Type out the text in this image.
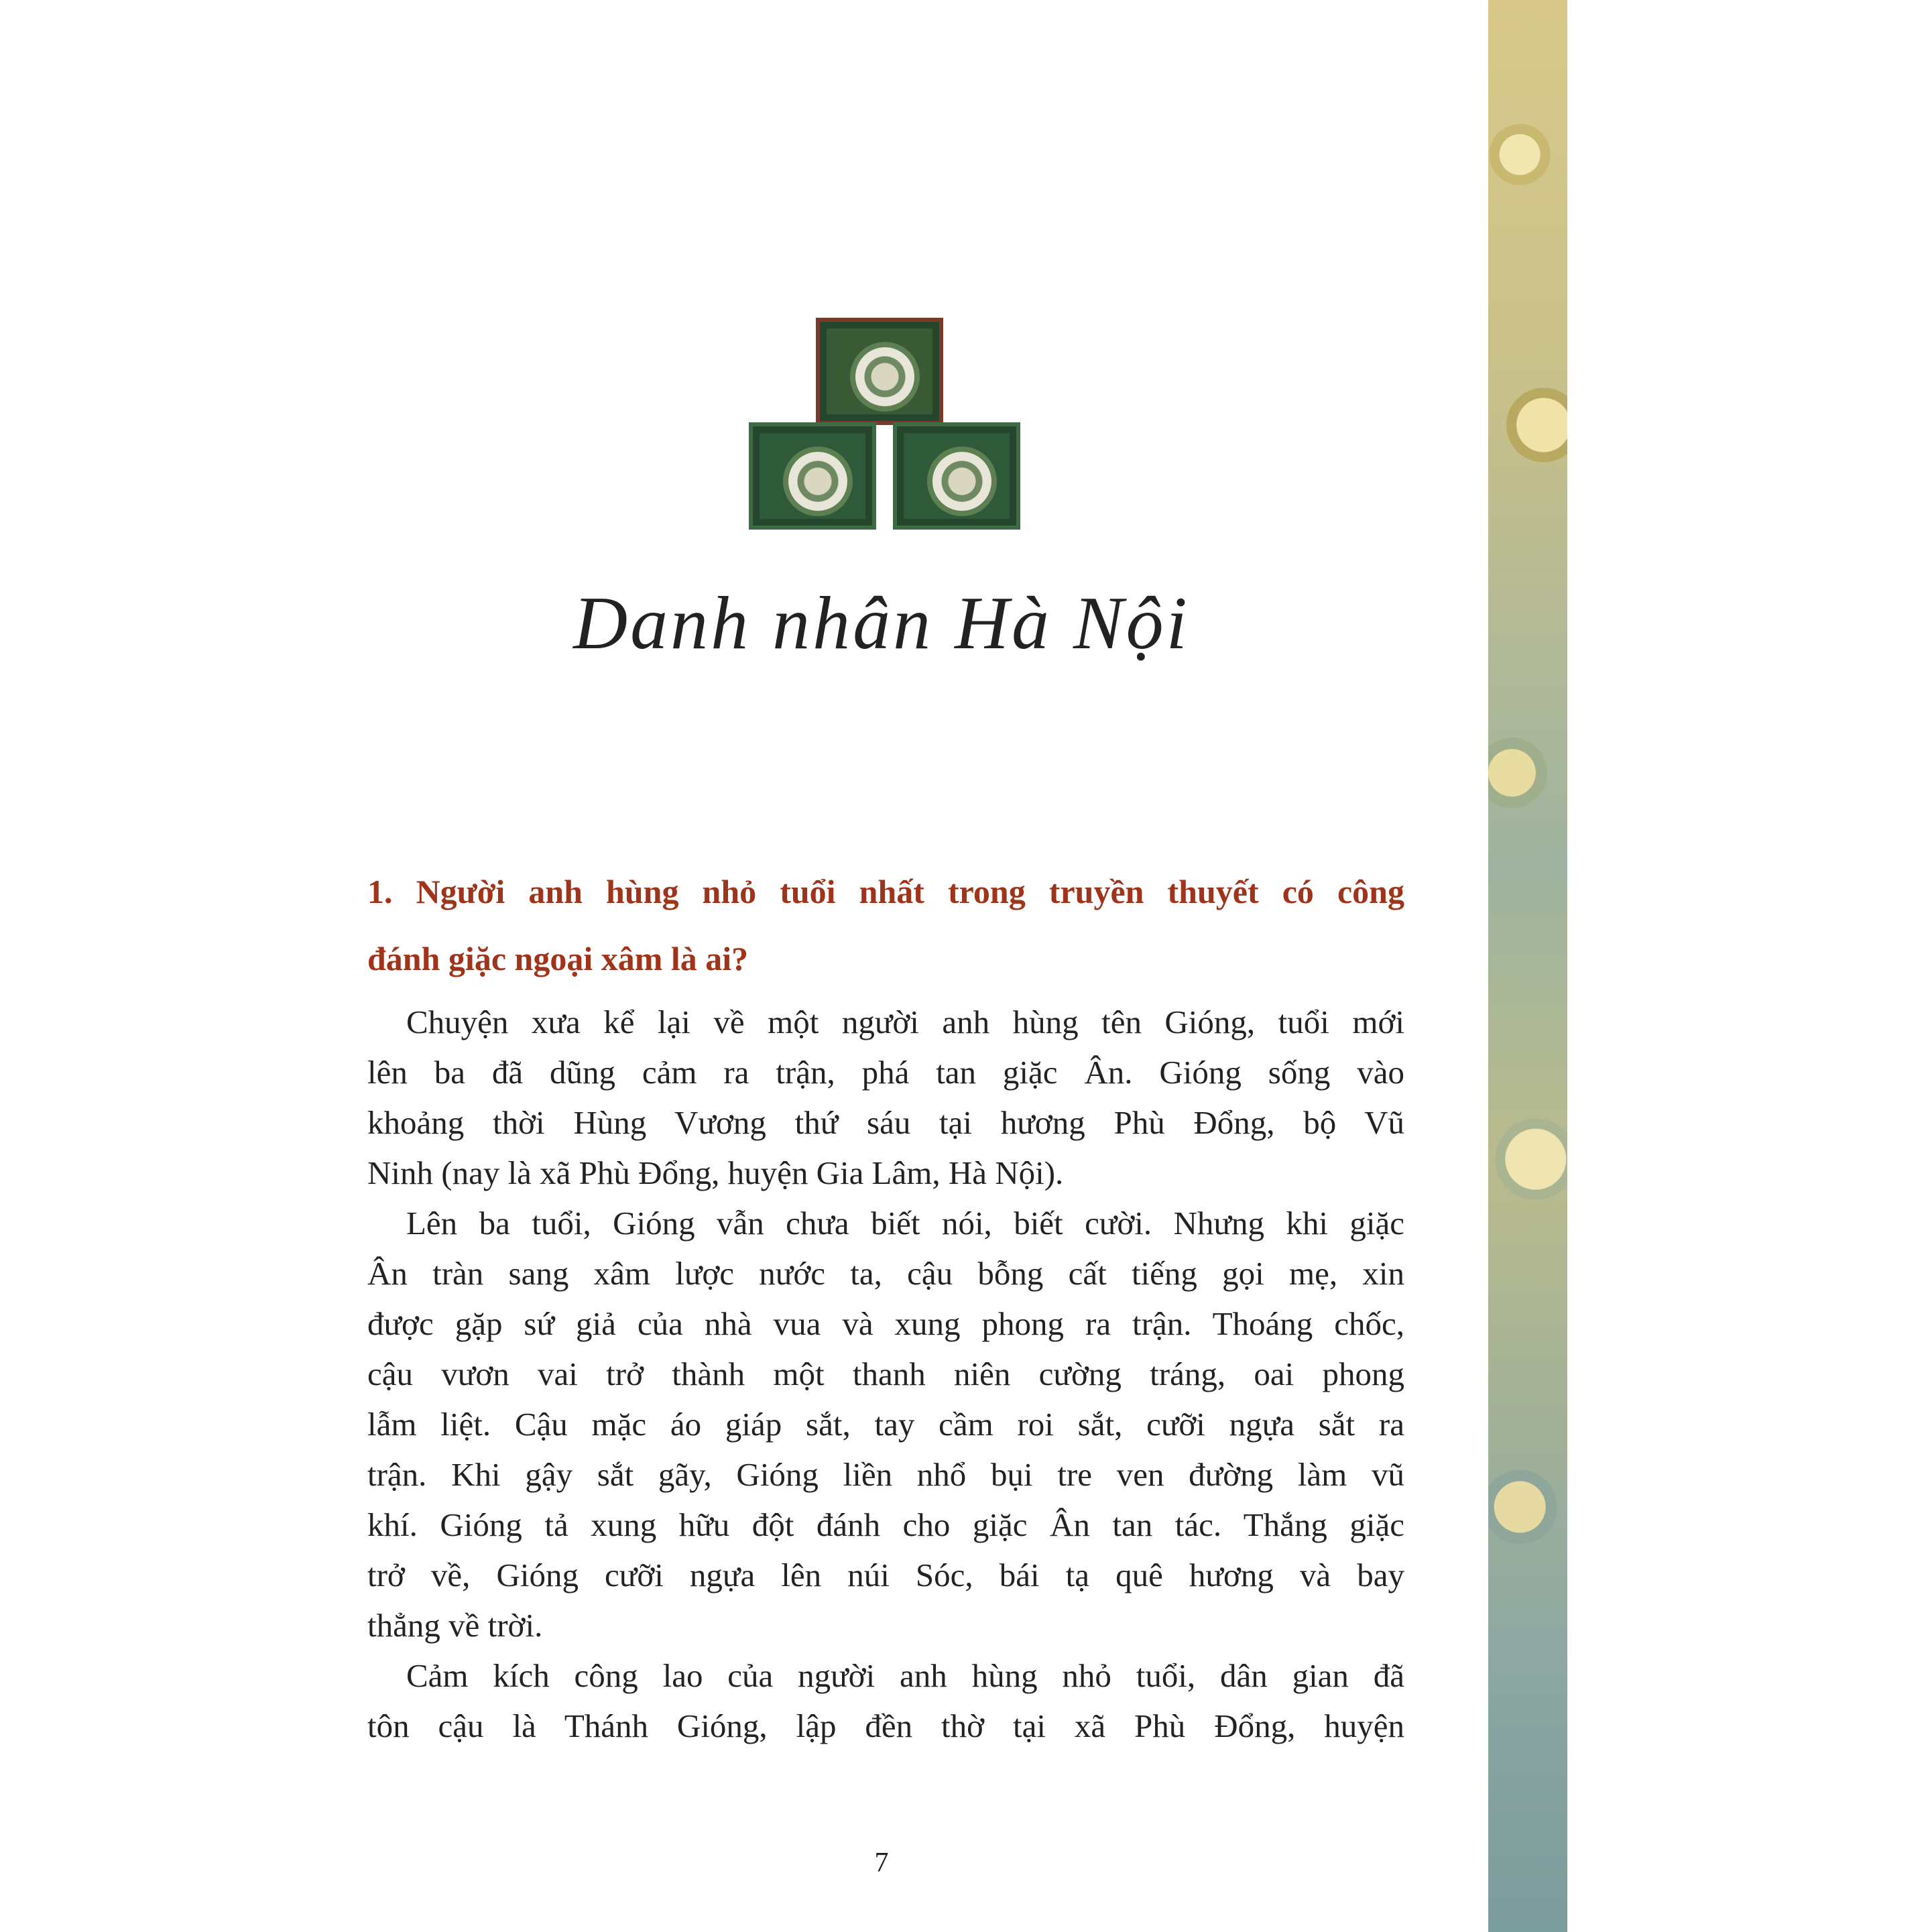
Danh nhân Hà Nội
1. Người anh hùng nhỏ tuổi nhất trong truyền thuyết có công
đánh giặc ngoại xâm là ai?
Chuyện xưa kể lại về một người anh hùng tên Gióng, tuổi mới
lên ba đã dũng cảm ra trận, phá tan giặc Ân. Gióng sống vào
khoảng thời Hùng Vương thứ sáu tại hương Phù Đổng, bộ Vũ
Ninh (nay là xã Phù Đổng, huyện Gia Lâm, Hà Nội).
Lên ba tuổi, Gióng vẫn chưa biết nói, biết cười. Nhưng khi giặc
Ân tràn sang xâm lược nước ta, cậu bỗng cất tiếng gọi mẹ, xin
được gặp sứ giả của nhà vua và xung phong ra trận. Thoáng chốc,
cậu vươn vai trở thành một thanh niên cường tráng, oai phong
lẫm liệt. Cậu mặc áo giáp sắt, tay cầm roi sắt, cưỡi ngựa sắt ra
trận. Khi gậy sắt gãy, Gióng liền nhổ bụi tre ven đường làm vũ
khí. Gióng tả xung hữu đột đánh cho giặc Ân tan tác. Thắng giặc
trở về, Gióng cưỡi ngựa lên núi Sóc, bái tạ quê hương và bay
thẳng về trời.
Cảm kích công lao của người anh hùng nhỏ tuổi, dân gian đã
tôn cậu là Thánh Gióng, lập đền thờ tại xã Phù Đổng, huyện
7
